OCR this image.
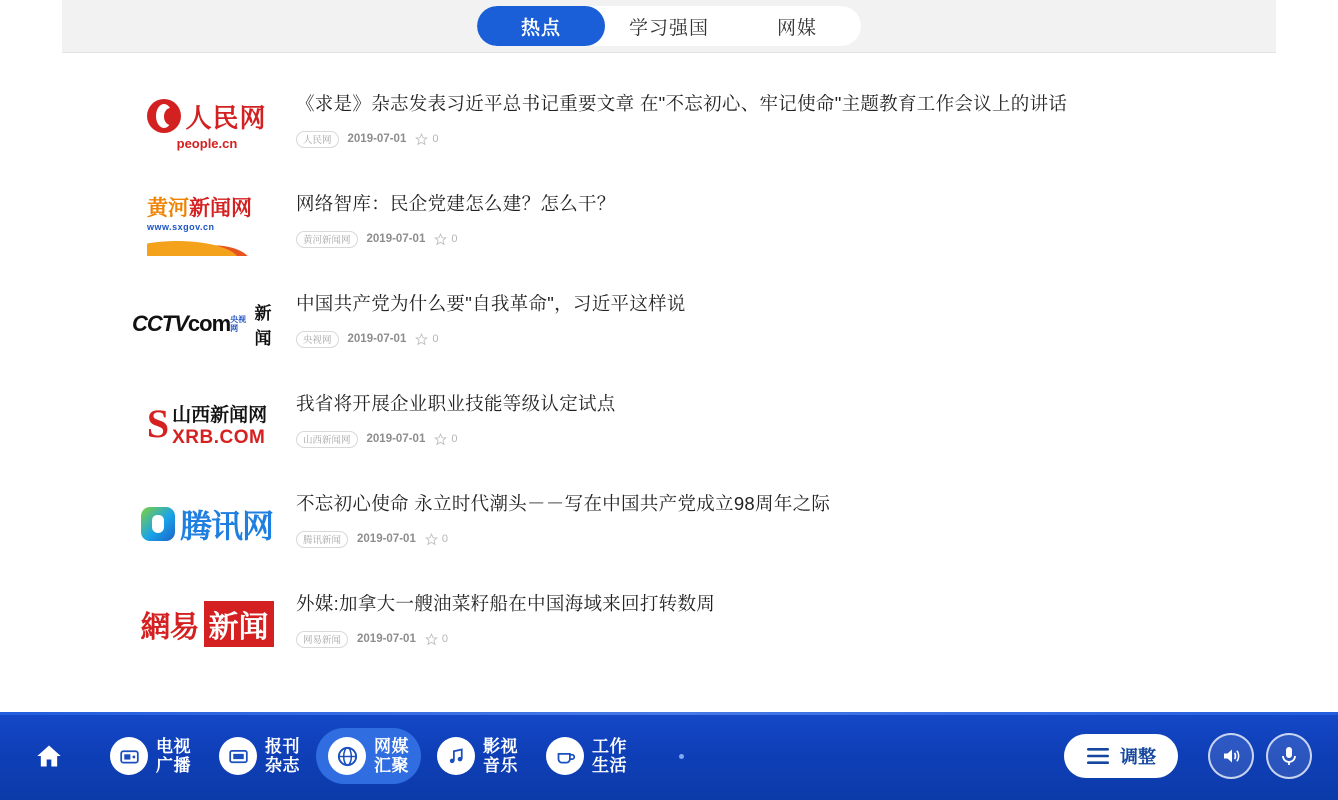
热点	学习强国	网媒
人民网
people.cn
《求是》杂志发表习近平总书记重要文章 在"不忘初心、牢记使命"主题教育工作会议上的讲话
人民网	2019-07-01 0
黄河 新闻网
www.sxgov.cn
网络智库：民企党建怎么建？怎么干？
黄河新闻网	2019-07-01 0
CCTV com 央视网
新闻
中国共产党为什么要"自我革命"，习近平这样说
央视网	2019-07-01 0
S 山西新闻网
XRB.COM
我省将开展企业职业技能等级认定试点
山西新闻网	2019-07-01 0
腾讯网
不忘初心使命 永立时代潮头－－写在中国共产党成立98周年之际
腾讯新闻	2019-07-01 0
網易 新闻
外媒:加拿大一艘油菜籽船在中国海域来回打转数周
网易新闻	2019-07-01 0
电视
广播
报刊
杂志
网媒
汇聚
影视
音乐
工作
生活	调整
